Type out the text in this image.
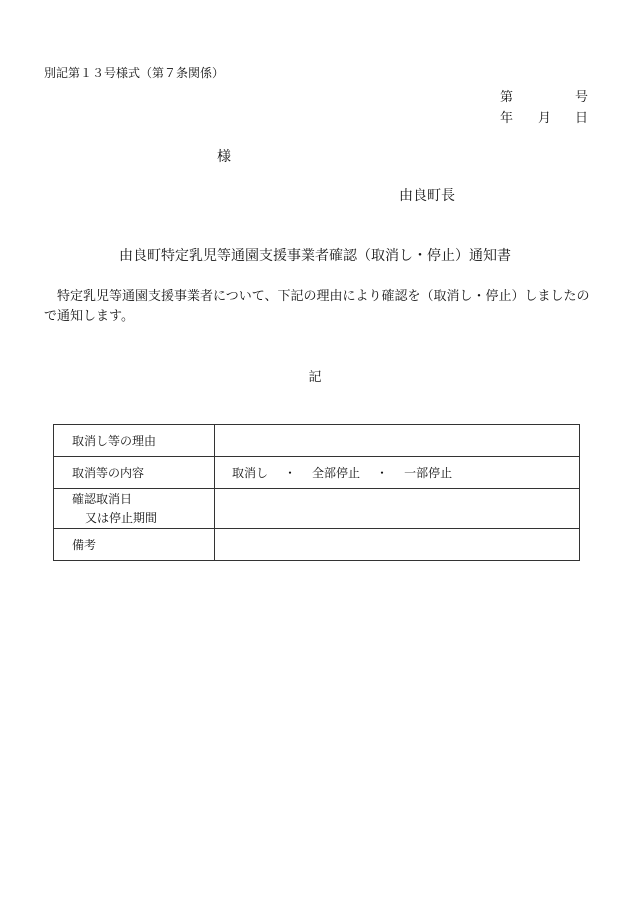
別記第１３号様式（第７条関係）
第	号
年 月 日
様
由良町長
由良町特定乳児等通園支援事業者確認（取消し・停止）通知書
特定乳児等通園支援事業者について、下記の理由により確認を（取消し・停止）しましたので通知します。
記
取消し等の理由	
取消等の内容	取消し ・ 全部停止 ・ 一部停止

確認取消日
又は停止期間	

備考	
